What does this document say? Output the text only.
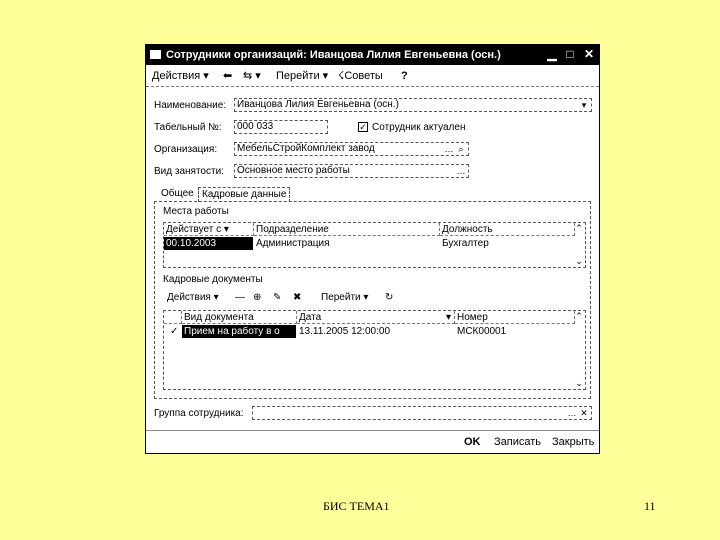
Сотрудники организаций: Иванцова Лилия Евгеньевна (осн.)	▁ □ ✕
Действия ▾ ⬅ ⇆ ▾ Перейти ▾ ☇Советы ?
Наименование:	Иванцова Лилия Евгеньевна (осн.)	▾
Табельный №:	000 033	✓ Сотрудник актуален
Организация:	МебельСтройКомплект завод	… ⌕
Вид занятости:	Основное место работы	…
Общее Кадровые данные
Места работы
Действует с ▾	Подразделение	Должность
00.10.2003	Администрация	Бухгалтер
⌃
⌄
Кадровые документы
Действия ▾ — ⊕ ✎ ✖ Перейти ▾ ↻
Вид документа	Дата	▾ Номер
✓ Прием на работу в о	13.11.2005 12:00:00	МСК00001
⌃
⌄
Группа сотрудника:	… ✕
OK Записать Закрыть
БИС ТЕМА1	11
